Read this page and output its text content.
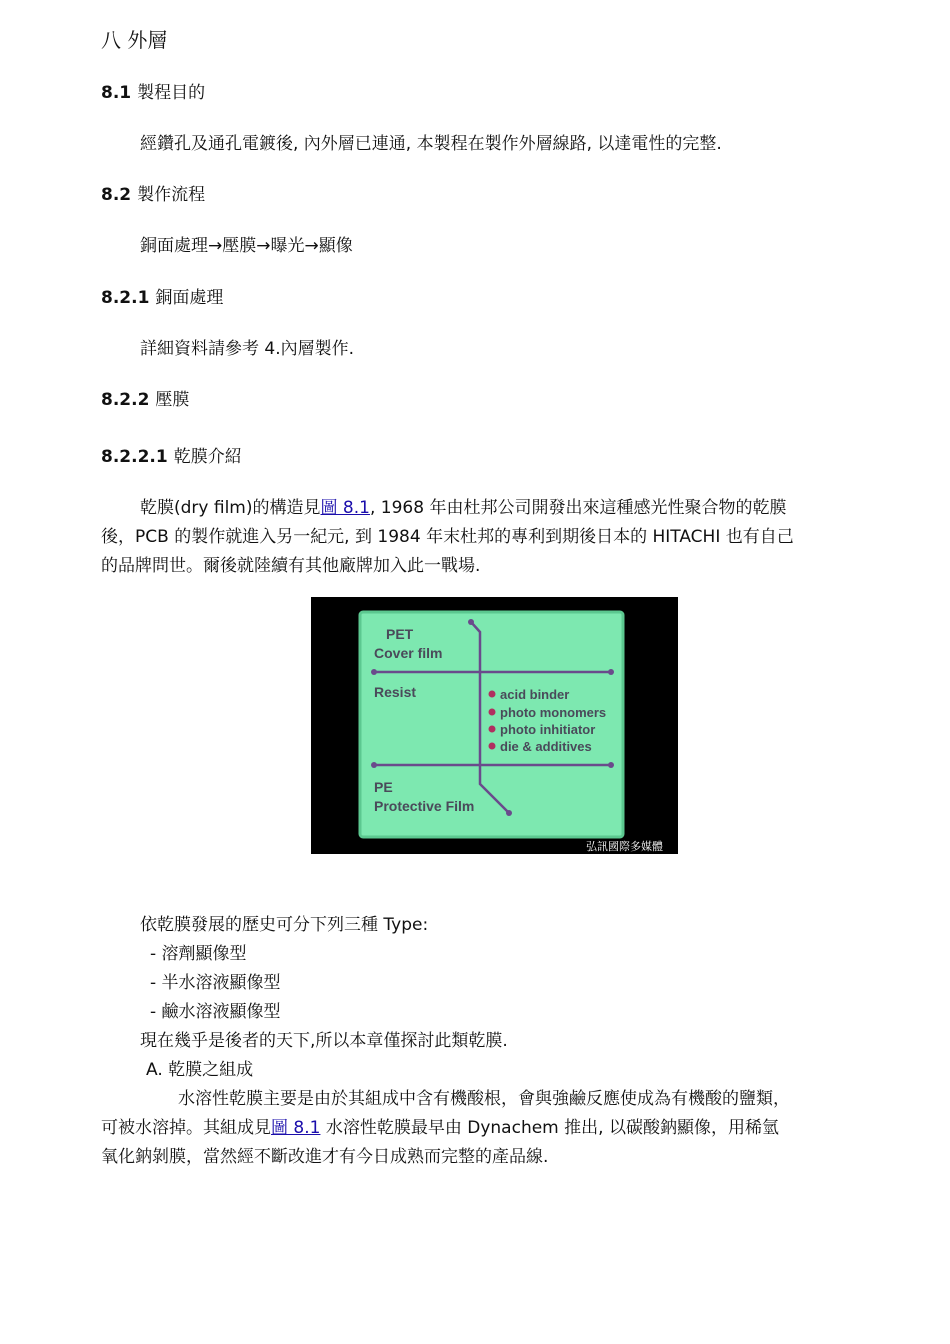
八 外層
8.1 製程目的
經鑽孔及通孔電鍍後, 內外層已連通, 本製程在製作外層線路, 以達電性的完整.
8.2 製作流程
銅面處理→壓膜→曝光→顯像
8.2.1 銅面處理
詳細資料請參考 4.內層製作.
8.2.2 壓膜
8.2.2.1 乾膜介紹
乾膜(dry film)的構造見圖 8.1, 1968 年由杜邦公司開發出來這種感光性聚合物的乾膜
後，PCB 的製作就進入另一紀元, 到 1984 年末杜邦的專利到期後日本的 HITACHI 也有自己
的品牌問世。爾後就陸續有其他廠牌加入此一戰場.
PET
Cover film
Resist
PE
Protective Film
acid binder
photo monomers
photo inhitiator
die & additives
弘訊國際多媒體
依乾膜發展的歷史可分下列三種 Type:
- 溶劑顯像型
- 半水溶液顯像型
- 鹼水溶液顯像型
現在幾乎是後者的天下,所以本章僅探討此類乾膜.
A. 乾膜之組成
水溶性乾膜主要是由於其組成中含有機酸根，會與強鹼反應使成為有機酸的鹽類，
可被水溶掉。其組成見圖 8.1 水溶性乾膜最早由 Dynachem 推出, 以碳酸鈉顯像，用稀氫
氧化鈉剝膜，當然經不斷改進才有今日成熟而完整的產品線.
